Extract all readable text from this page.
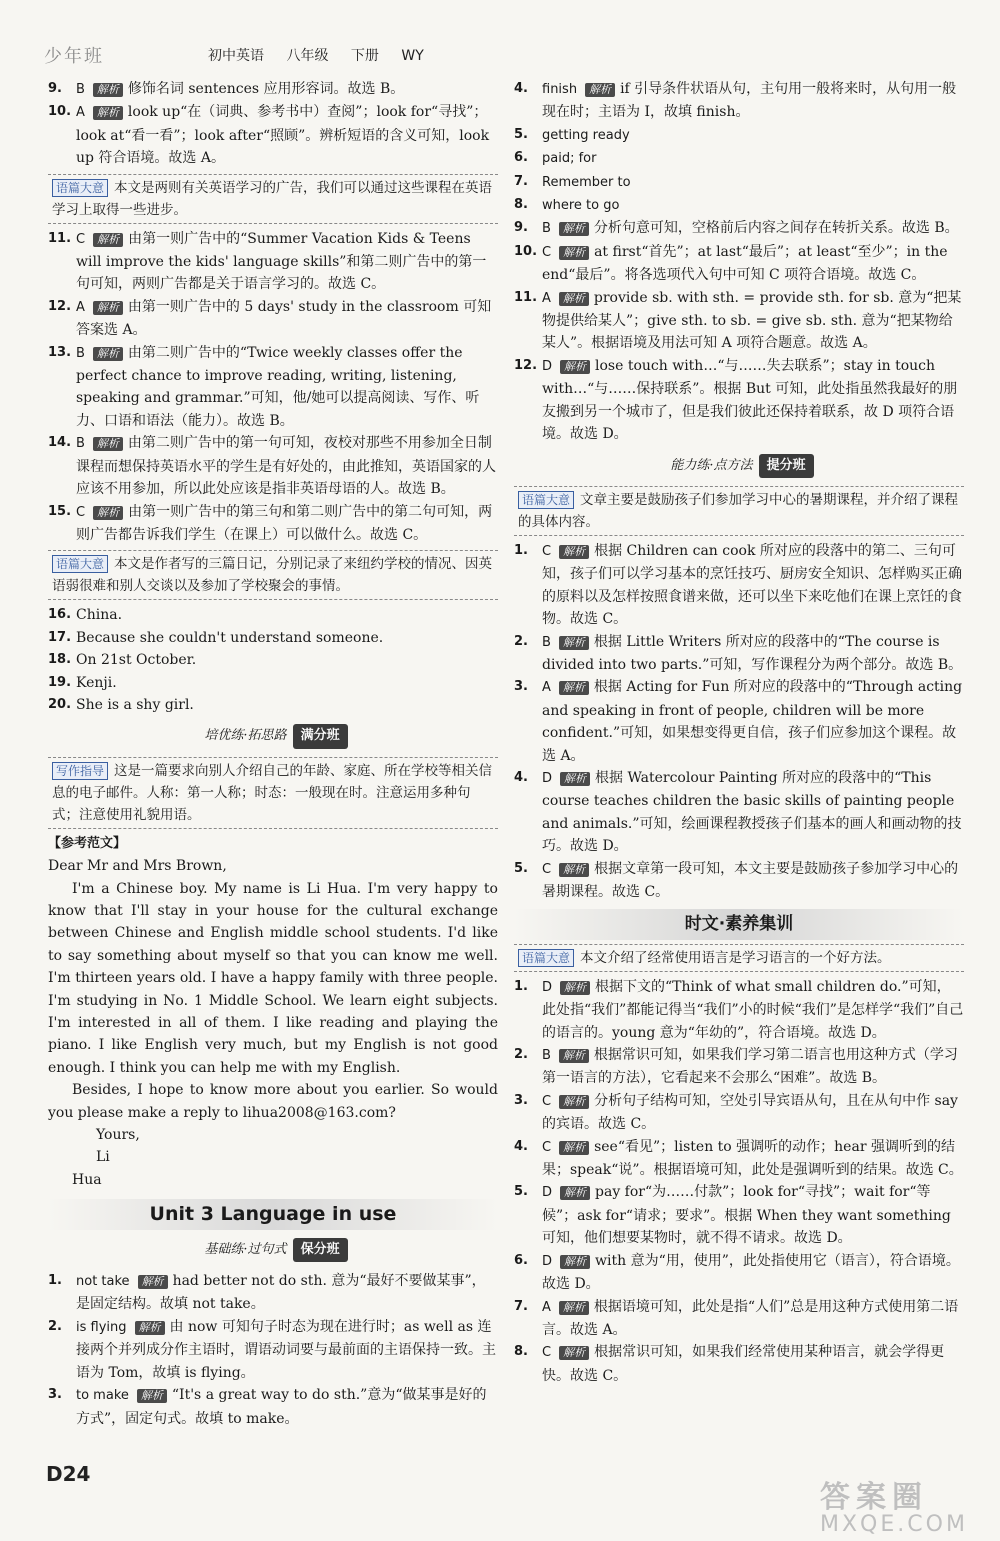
少年班	初中英语 八年级 下册 WY

9. B 解析 修饰名词 sentences 应用形容词。故选 B。

10. A 解析 look up“在（词典、参考书中）查阅”；look for“寻找”；look at“看一看”；look after“照顾”。辨析短语的含义可知，look up 符合语境。故选 A。

语篇大意 本文是两则有关英语学习的广告，我们可以通过这些课程在英语学习上取得一些进步。

11. C 解析 由第一则广告中的“Summer Vacation Kids & Teens will improve the kids' language skills”和第二则广告中的第一句可知，两则广告都是关于语言学习的。故选 C。

12. A 解析 由第一则广告中的 5 days' study in the classroom 可知答案选 A。

13. B 解析 由第二则广告中的“Twice weekly classes offer the perfect chance to improve reading, writing, listening, speaking and grammar.”可知，他/她可以提高阅读、写作、听力、口语和语法（能力）。故选 B。

14. B 解析 由第二则广告中的第一句可知，夜校对那些不用参加全日制课程而想保持英语水平的学生是有好处的，由此推知，英语国家的人应该不用参加，所以此处应该是指非英语母语的人。故选 B。

15. C 解析 由第一则广告中的第三句和第二则广告中的第二句可知，两则广告都告诉我们学生（在课上）可以做什么。故选 C。

语篇大意 本文是作者写的三篇日记，分别记录了来纽约学校的情况、因英语弱很难和别人交谈以及参加了学校聚会的事情。

16. China.

17. Because she couldn't understand someone.

18. On 21st October.

19. Kenji.

20. She is a shy girl.

培优练·拓思路 满分班
写作指导 这是一篇要求向别人介绍自己的年龄、家庭、所在学校等相关信息的电子邮件。人称：第一人称；时态：一般现在时。注意运用多种句式；注意使用礼貌用语。
【参考范文】

Dear Mr and Mrs Brown,

I'm a Chinese boy. My name is Li Hua. I'm very happy to know that I'll stay in your house for the cultural exchange between Chinese and English middle school students. I'd like to say something about myself so that you can know me well. I'm thirteen years old. I have a happy family with three people. I'm studying in No. 1 Middle School. We learn eight subjects. I'm interested in all of them. I like reading and playing the piano. I like English very much, but my English is not good enough. I think you can help me with my English.

Besides, I hope to know more about you earlier. So would you please make a reply to lihua2008@163.com?

Yours,

Li Hua

Unit 3 Language in use
基础练·过句式 保分班

1. not take 解析 had better not do sth. 意为“最好不要做某事”，是固定结构。故填 not take。

2. is flying 解析 由 now 可知句子时态为现在进行时；as well as 连接两个并列成分作主语时，谓语动词要与最前面的主语保持一致。主语为 Tom，故填 is flying。

3. to make 解析 “It's a great way to do sth.”意为“做某事是好的方式”，固定句式。故填 to make。

4. finish 解析 if 引导条件状语从句，主句用一般将来时，从句用一般现在时；主语为 I，故填 finish。

5. getting ready

6. paid; for

7. Remember to

8. where to go

9. B 解析 分析句意可知，空格前后内容之间存在转折关系。故选 B。

10. C 解析 at first“首先”；at last“最后”；at least“至少”；in the end“最后”。将各选项代入句中可知 C 项符合语境。故选 C。

11. A 解析 provide sb. with sth. = provide sth. for sb. 意为“把某物提供给某人”；give sth. to sb. = give sb. sth. 意为“把某物给某人”。根据语境及用法可知 A 项符合题意。故选 A。

12. D 解析 lose touch with…“与……失去联系”；stay in touch with…“与……保持联系”。根据 But 可知，此处指虽然我最好的朋友搬到另一个城市了，但是我们彼此还保持着联系，故 D 项符合语境。故选 D。

能力练·点方法 提分班
语篇大意 文章主要是鼓励孩子们参加学习中心的暑期课程，并介绍了课程的具体内容。

1. C 解析 根据 Children can cook 所对应的段落中的第二、三句可知，孩子们可以学习基本的烹饪技巧、厨房安全知识、怎样购买正确的原料以及怎样按照食谱来做，还可以坐下来吃他们在课上烹饪的食物。故选 C。

2. B 解析 根据 Little Writers 所对应的段落中的“The course is divided into two parts.”可知，写作课程分为两个部分。故选 B。

3. A 解析 根据 Acting for Fun 所对应的段落中的“Through acting and speaking in front of people, children will be more confident.”可知，如果想变得更自信，孩子们应参加这个课程。故选 A。

4. D 解析 根据 Watercolour Painting 所对应的段落中的“This course teaches children the basic skills of painting people and animals.”可知，绘画课程教授孩子们基本的画人和画动物的技巧。故选 D。

5. C 解析 根据文章第一段可知，本文主要是鼓励孩子参加学习中心的暑期课程。故选 C。

时文·素养集训
语篇大意 本文介绍了经常使用语言是学习语言的一个好方法。

1. D 解析 根据下文的“Think of what small children do.”可知，此处指“我们”都能记得当“我们”小的时候“我们”是怎样学“我们”自己的语言的。young 意为“年幼的”，符合语境。故选 D。

2. B 解析 根据常识可知，如果我们学习第二语言也用这种方式（学习第一语言的方法），它看起来不会那么“困难”。故选 B。

3. C 解析 分析句子结构可知，空处引导宾语从句，且在从句中作 say 的宾语。故选 C。

4. C 解析 see“看见”；listen to 强调听的动作；hear 强调听到的结果；speak“说”。根据语境可知，此处是强调听到的结果。故选 C。

5. D 解析 pay for“为……付款”；look for“寻找”；wait for“等候”；ask for“请求；要求”。根据 When they want something 可知，他们想要某物时，就不得不请求。故选 D。

6. D 解析 with 意为“用，使用”，此处指使用它（语言），符合语境。故选 D。

7. A 解析 根据语境可知，此处是指“人们”总是用这种方式使用第二语言。故选 A。

8. C 解析 根据常识可知，如果我们经常使用某种语言，就会学得更快。故选 C。

D24
答案圈
MXQE.COM
